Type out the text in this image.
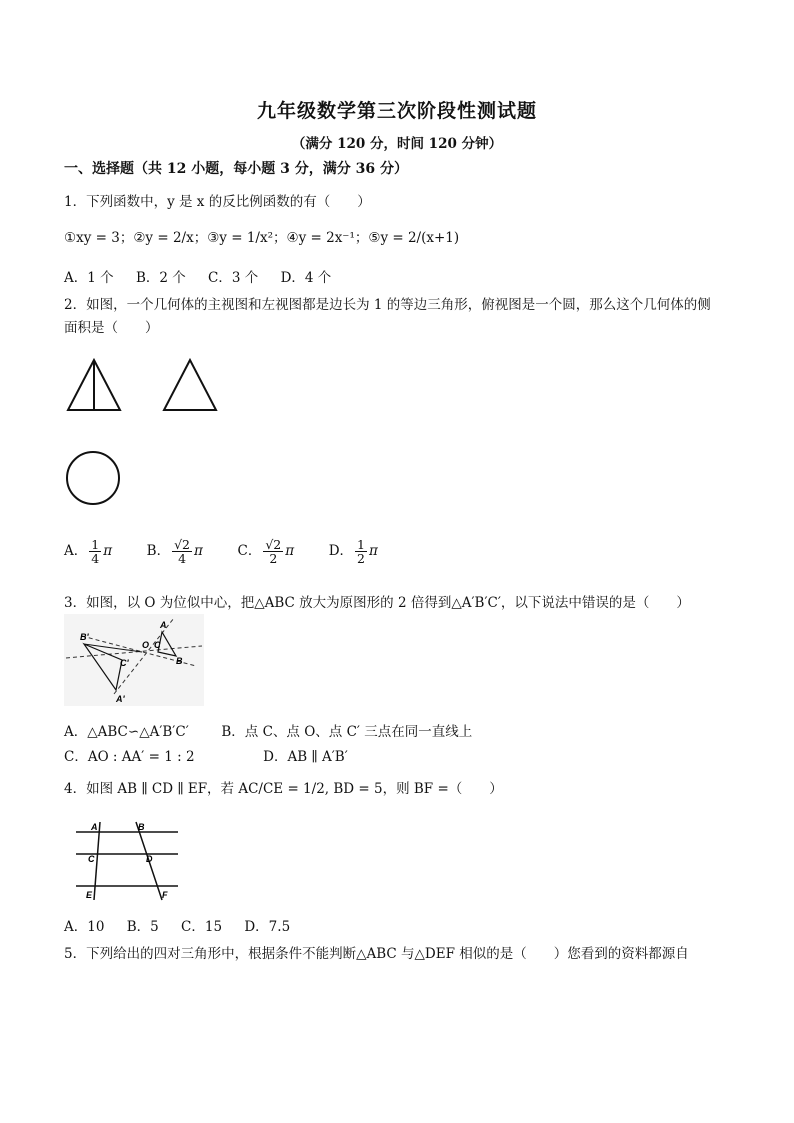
九年级数学第三次阶段性测试题
（满分 120 分，时间 120 分钟）
一、选择题（共 12 小题，每小题 3 分，满分 36 分）
1．下列函数中，y 是 x 的反比例函数的有（　　）
①xy = 3；②y = 2/x；③y = 1/x²；④y = 2x⁻¹；⑤y = 2/(x+1)
A．1 个 B．2 个 C．3 个 D．4 个
2．如图，一个几何体的主视图和左视图都是边长为 1 的等边三角形，俯视图是一个圆，那么这个几何体的侧
面积是（　　）
A． $\frac{1}{4}$ π	B． $\frac{√2}{4}$ π	C． $\frac{√2}{2}$ π	D． $\frac{1}{2}$ π
3．如图，以 O 为位似中心，把△ABC 放大为原图形的 2 倍得到△A′B′C′，以下说法中错误的是（　　）
B'
O
A
C
B
C'
A'
A．△ABC∽△A′B′C′ B．点 C、点 O、点 C′ 三点在同一直线上
C．AO : AA′ = 1 : 2	D．AB ∥ A′B′
4．如图 AB ∥ CD ∥ EF，若 AC/CE = 1/2, BD = 5，则 BF =（　　）
A	B
C	D
E	F
A．10 B．5 C．15 D．7.5
5．下列给出的四对三角形中，根据条件不能判断△ABC 与△DEF 相似的是（　　）您看到的资料都源自
